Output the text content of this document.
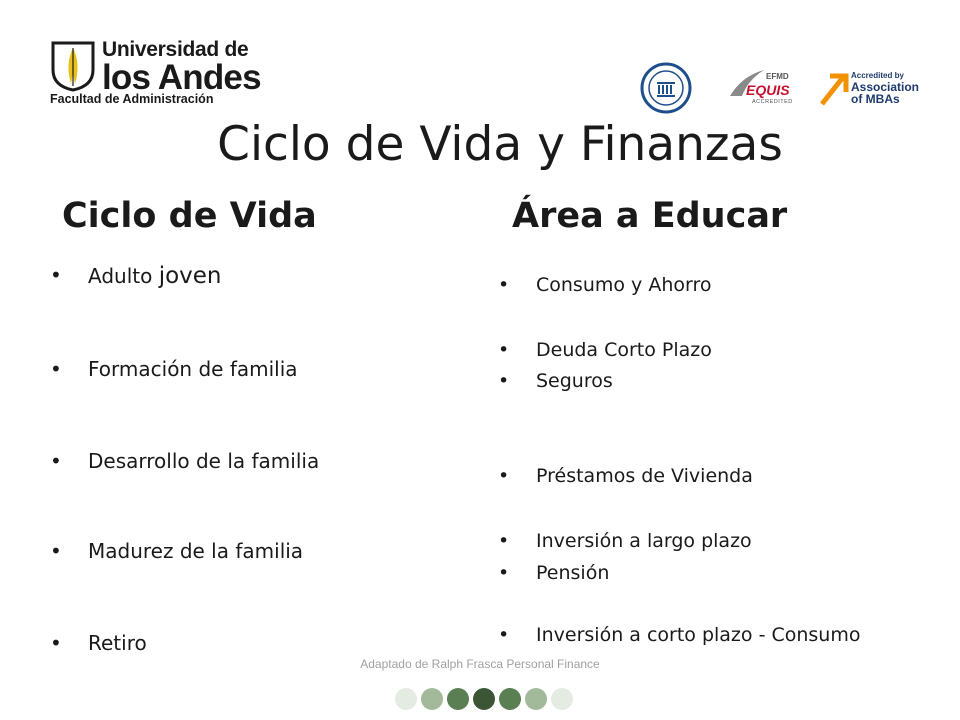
Universidad de
los Andes
Facultad de Administración
EFMD
EQUIS
ACCREDITED
Accredited by
Association
of MBAs
Ciclo de Vida y Finanzas
Ciclo de Vida	Área a Educar
• Adulto joven
• Formación de familia
• Desarrollo de la familia
• Madurez de la familia
• Retiro
• Consumo y Ahorro
• Deuda Corto Plazo
• Seguros
• Préstamos de Vivienda
• Inversión a largo plazo
• Pensión
• Inversión a corto plazo - Consumo
Adaptado de Ralph Frasca Personal Finance
